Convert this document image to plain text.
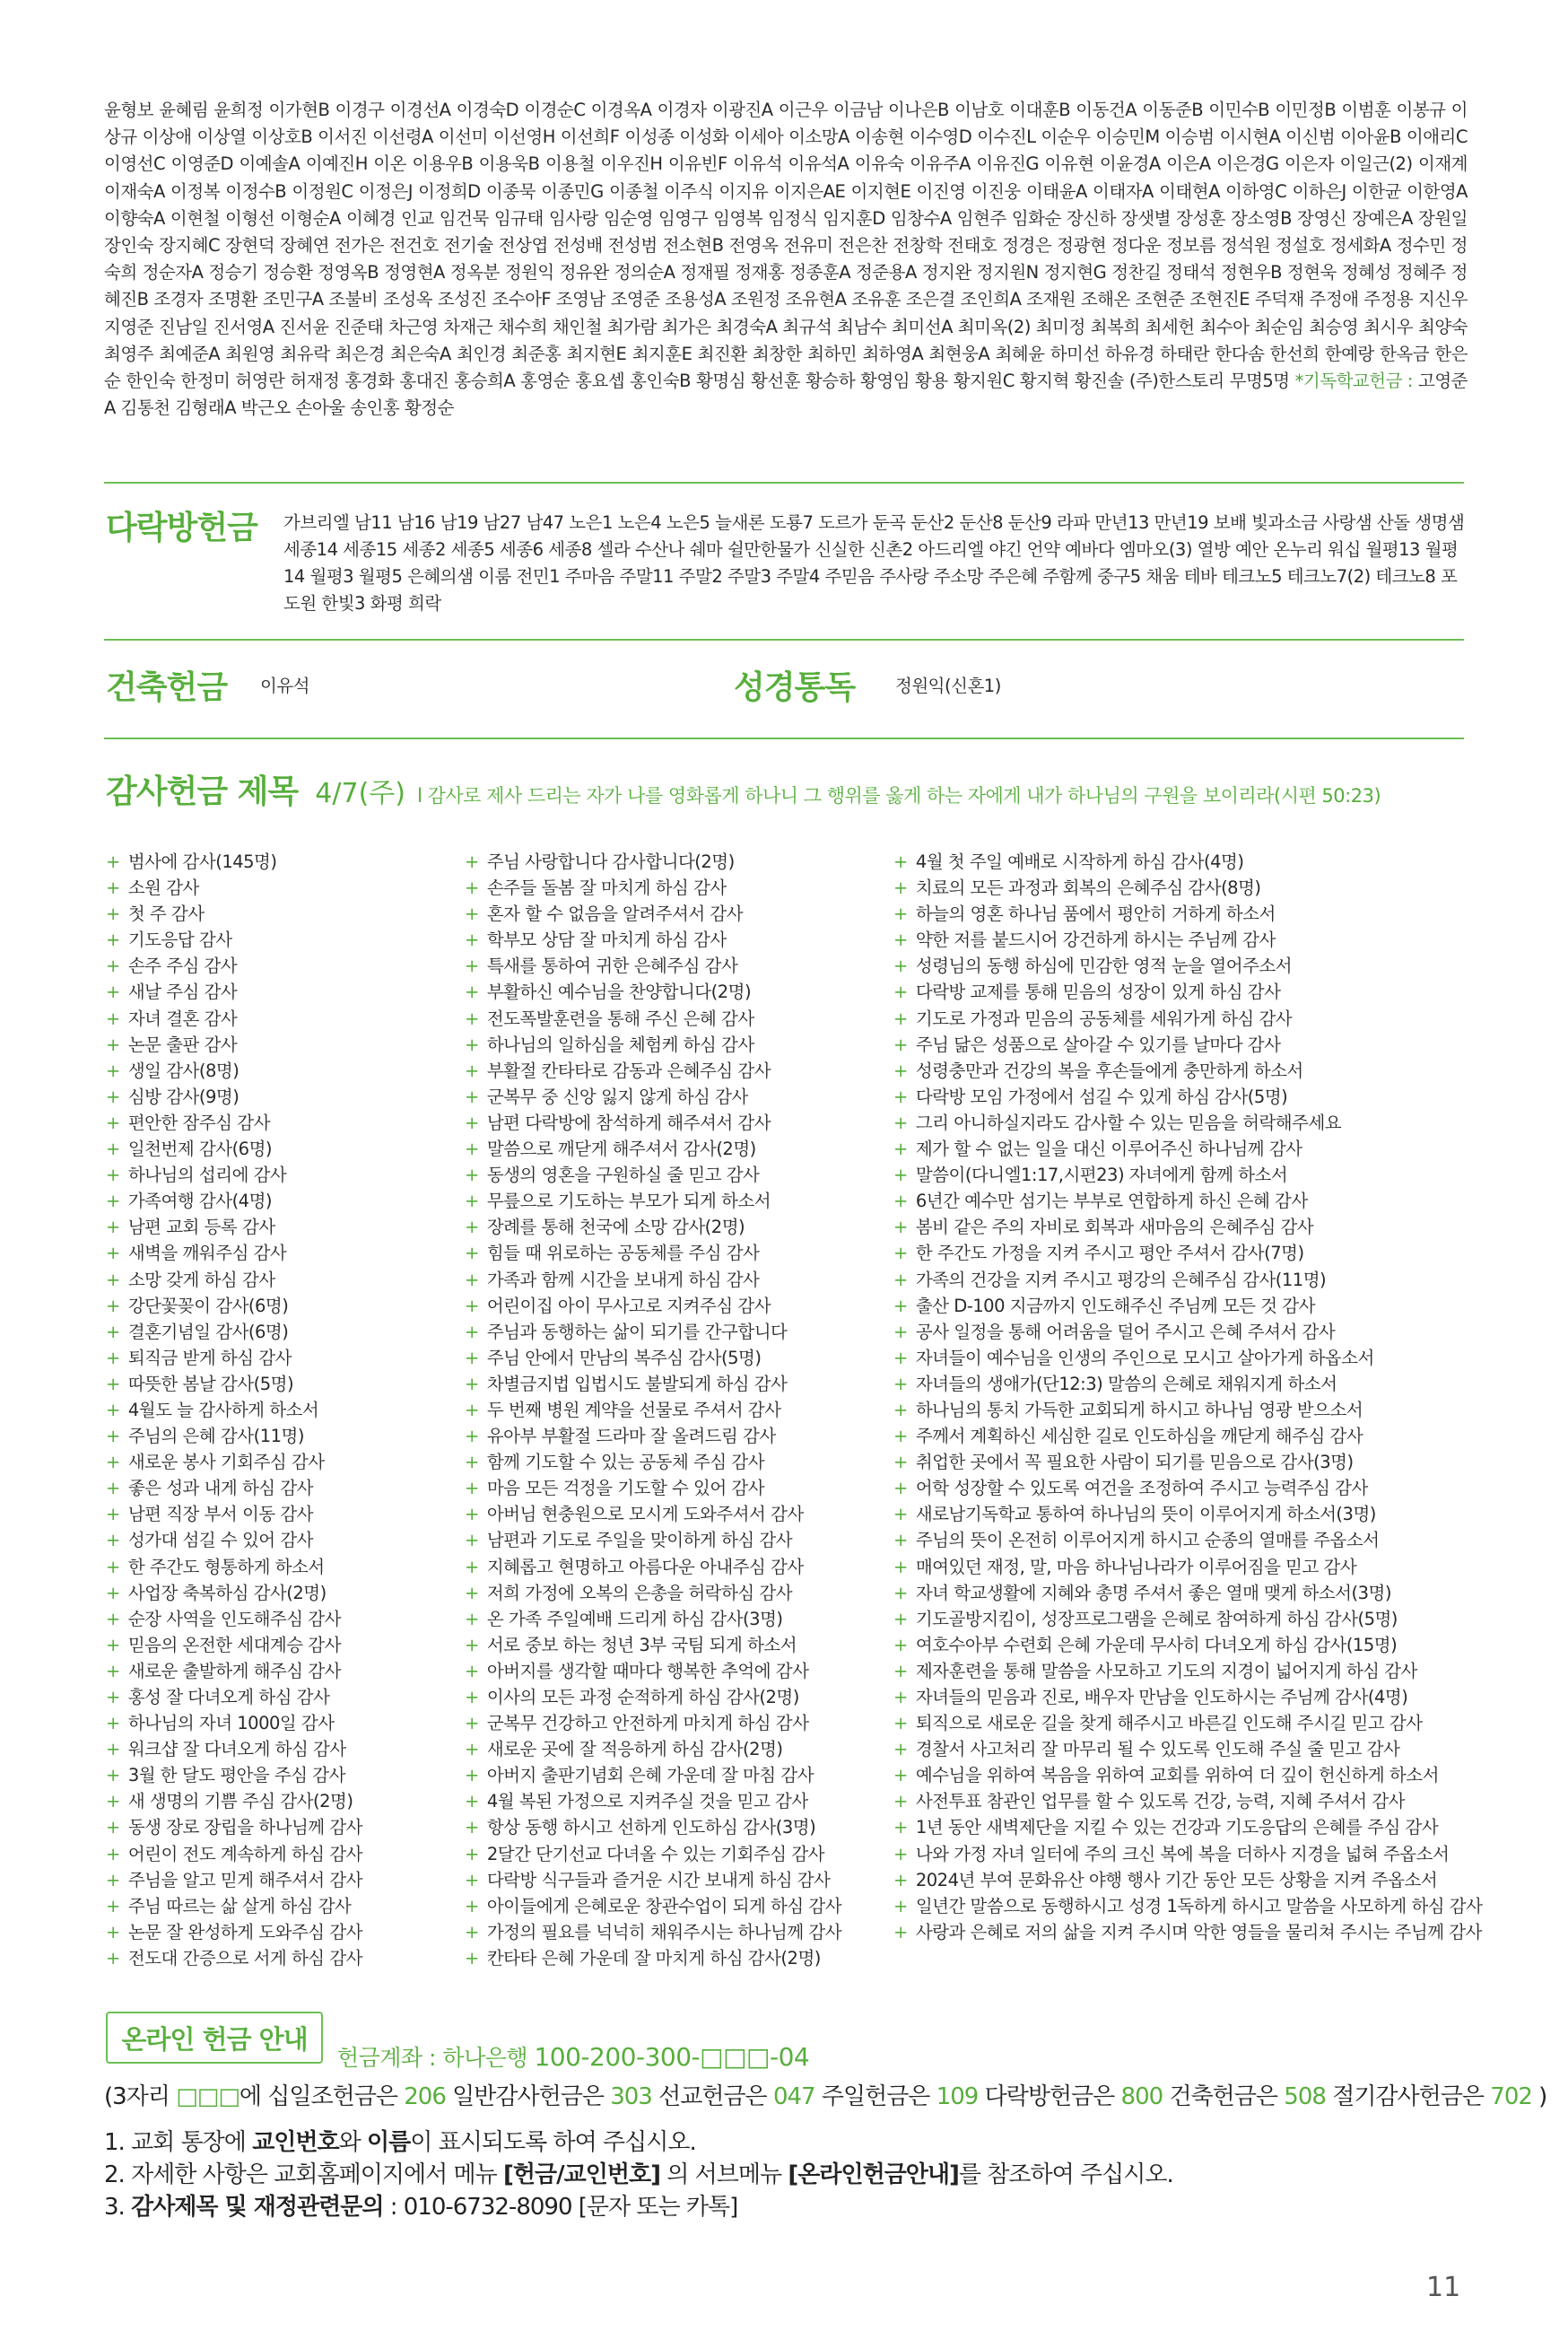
윤형보 윤혜림 윤희정 이가현B 이경구 이경선A 이경숙D 이경순C 이경옥A 이경자 이광진A 이근우 이금남 이나은B 이남호 이대훈B 이동건A 이동준B 이민수B 이민정B 이범훈 이봉규 이상규 이상애 이상열 이상호B 이서진 이선령A 이선미 이선영H 이선희F 이성종 이성화 이세아 이소망A 이송현 이수영D 이수진L 이순우 이승민M 이승범 이시현A 이신범 이아윤B 이애리C 이영선C 이영준D 이예솔A 이예진H 이온 이용우B 이용욱B 이용철 이우진H 이유빈F 이유석 이유석A 이유숙 이유주A 이유진G 이유현 이윤경A 이은A 이은경G 이은자 이일근(2) 이재계 이재숙A 이정복 이정수B 이정원C 이정은J 이정희D 이종묵 이종민G 이종철 이주식 이지유 이지은AE 이지현E 이진영 이진웅 이태윤A 이태자A 이태현A 이하영C 이하은J 이한균 이한영A 이향숙A 이현철 이형선 이형순A 이혜경 인교 임건묵 임규태 임사랑 임순영 임영구 임영복 임정식 임지훈D 임창수A 임현주 임화순 장신하 장샛별 장성훈 장소영B 장영신 장예은A 장원일 장인숙 장지혜C 장현덕 장혜연 전가은 전건호 전기술 전상엽 전성배 전성범 전소현B 전영옥 전유미 전은찬 전창학 전태호 정경은 정광현 정다운 정보름 정석원 정설호 정세화A 정수민 정숙희 정순자A 정승기 정승환 정영옥B 정영현A 정옥분 정원익 정유완 정의순A 정재필 정재홍 정종훈A 정준용A 정지완 정지원N 정지현G 정찬길 정태석 정현우B 정현욱 정혜성 정혜주 정혜진B 조경자 조명환 조민구A 조불비 조성옥 조성진 조수아F 조영남 조영준 조용성A 조원정 조유현A 조유훈 조은결 조인희A 조재원 조해온 조현준 조현진E 주덕재 주정애 주정용 지신우 지영준 진남일 진서영A 진서윤 진준태 차근영 차재근 채수희 채인철 최가람 최가은 최경숙A 최규석 최남수 최미선A 최미옥(2) 최미정 최복희 최세헌 최수아 최순임 최승영 최시우 최양숙 최영주 최예준A 최원영 최유락 최은경 최은숙A 최인경 최준홍 최지현E 최지훈E 최진환 최창한 최하민 최하영A 최현웅A 최혜윤 하미선 하유경 하태란 한다솜 한선희 한예랑 한옥금 한은순 한인숙 한정미 허영란 허재정 홍경화 홍대진 홍승희A 홍영순 홍요셉 홍인숙B 황명심 황선훈 황승하 황영임 황용 황지원C 황지혁 황진솔 (주)한스토리 무명5명 *기독학교헌금 : 고영준A 김통천 김형래A 박근오 손아울 송인홍 황정순
다락방헌금 가브리엘 남11 남16 남19 남27 남47 노은1 노은4 노은5 늘새론 도룡7 도르가 둔곡 둔산2 둔산8 둔산9 라파 만년13 만년19 보배 빛과소금 사랑샘 산돌 생명샘 세종14 세종15 세종2 세종5 세종6 세종8 셀라 수산나 쉐마 쉴만한물가 신실한 신촌2 아드리엘 야긴 언약 예바다 엠마오(3) 열방 예안 온누리 워십 월평13 월평14 월평3 월평5 은혜의샘 이룸 전민1 주마음 주말11 주말2 주말3 주말4 주믿음 주사랑 주소망 주은혜 주함께 중구5 채움 테바 테크노5 테크노7(2) 테크노8 포도원 한빛3 화평 희락
건축헌금 이유석	성경통독 정원익(신혼1)
감사헌금 제목 4/7(주) l 감사로 제사 드리는 자가 나를 영화롭게 하나니 그 행위를 옳게 하는 자에게 내가 하나님의 구원을 보이리라(시편 50:23)
+ 범사에 감사(145명)
+ 소원 감사
+ 첫 주 감사
+ 기도응답 감사
+ 손주 주심 감사
+ 새날 주심 감사
+ 자녀 결혼 감사
+ 논문 출판 감사
+ 생일 감사(8명)
+ 심방 감사(9명)
+ 편안한 잠주심 감사
+ 일천번제 감사(6명)
+ 하나님의 섭리에 감사
+ 가족여행 감사(4명)
+ 남편 교회 등록 감사
+ 새벽을 깨워주심 감사
+ 소망 갖게 하심 감사
+ 강단꽃꽂이 감사(6명)
+ 결혼기념일 감사(6명)
+ 퇴직금 받게 하심 감사
+ 따뜻한 봄날 감사(5명)
+ 4월도 늘 감사하게 하소서
+ 주님의 은혜 감사(11명)
+ 새로운 봉사 기회주심 감사
+ 좋은 성과 내게 하심 감사
+ 남편 직장 부서 이동 감사
+ 성가대 섬길 수 있어 감사
+ 한 주간도 형통하게 하소서
+ 사업장 축복하심 감사(2명)
+ 순장 사역을 인도해주심 감사
+ 믿음의 온전한 세대계승 감사
+ 새로운 출발하게 해주심 감사
+ 홍성 잘 다녀오게 하심 감사
+ 하나님의 자녀 1000일 감사
+ 워크샵 잘 다녀오게 하심 감사
+ 3월 한 달도 평안을 주심 감사
+ 새 생명의 기쁨 주심 감사(2명)
+ 동생 장로 장립을 하나님께 감사
+ 어린이 전도 계속하게 하심 감사
+ 주님을 알고 믿게 해주셔서 감사
+ 주님 따르는 삶 살게 하심 감사
+ 논문 잘 완성하게 도와주심 감사
+ 전도대 간증으로 서게 하심 감사
+ 주님 사랑합니다 감사합니다(2명)
+ 손주들 돌봄 잘 마치게 하심 감사
+ 혼자 할 수 없음을 알려주셔서 감사
+ 학부모 상담 잘 마치게 하심 감사
+ 특새를 통하여 귀한 은혜주심 감사
+ 부활하신 예수님을 찬양합니다(2명)
+ 전도폭발훈련을 통해 주신 은혜 감사
+ 하나님의 일하심을 체험케 하심 감사
+ 부활절 칸타타로 감동과 은혜주심 감사
+ 군복무 중 신앙 잃지 않게 하심 감사
+ 남편 다락방에 참석하게 해주셔서 감사
+ 말씀으로 깨닫게 해주셔서 감사(2명)
+ 동생의 영혼을 구원하실 줄 믿고 감사
+ 무릎으로 기도하는 부모가 되게 하소서
+ 장례를 통해 천국에 소망 감사(2명)
+ 힘들 때 위로하는 공동체를 주심 감사
+ 가족과 함께 시간을 보내게 하심 감사
+ 어린이집 아이 무사고로 지켜주심 감사
+ 주님과 동행하는 삶이 되기를 간구합니다
+ 주님 안에서 만남의 복주심 감사(5명)
+ 차별금지법 입법시도 불발되게 하심 감사
+ 두 번째 병원 계약을 선물로 주셔서 감사
+ 유아부 부활절 드라마 잘 올려드림 감사
+ 함께 기도할 수 있는 공동체 주심 감사
+ 마음 모든 걱정을 기도할 수 있어 감사
+ 아버님 현충원으로 모시게 도와주셔서 감사
+ 남편과 기도로 주일을 맞이하게 하심 감사
+ 지혜롭고 현명하고 아름다운 아내주심 감사
+ 저희 가정에 오복의 은총을 허락하심 감사
+ 온 가족 주일예배 드리게 하심 감사(3명)
+ 서로 중보 하는 청년 3부 국팀 되게 하소서
+ 아버지를 생각할 때마다 행복한 추억에 감사
+ 이사의 모든 과정 순적하게 하심 감사(2명)
+ 군복무 건강하고 안전하게 마치게 하심 감사
+ 새로운 곳에 잘 적응하게 하심 감사(2명)
+ 아버지 출판기념회 은혜 가운데 잘 마침 감사
+ 4월 복된 가정으로 지켜주실 것을 믿고 감사
+ 항상 동행 하시고 선하게 인도하심 감사(3명)
+ 2달간 단기선교 다녀올 수 있는 기회주심 감사
+ 다락방 식구들과 즐거운 시간 보내게 하심 감사
+ 아이들에게 은혜로운 창관수업이 되게 하심 감사
+ 가정의 필요를 넉넉히 채워주시는 하나님께 감사
+ 칸타타 은혜 가운데 잘 마치게 하심 감사(2명)
+ 4월 첫 주일 예배로 시작하게 하심 감사(4명)
+ 치료의 모든 과정과 회복의 은혜주심 감사(8명)
+ 하늘의 영혼 하나님 품에서 평안히 거하게 하소서
+ 약한 저를 붙드시어 강건하게 하시는 주님께 감사
+ 성령님의 동행 하심에 민감한 영적 눈을 열어주소서
+ 다락방 교제를 통해 믿음의 성장이 있게 하심 감사
+ 기도로 가정과 믿음의 공동체를 세워가게 하심 감사
+ 주님 닮은 성품으로 살아갈 수 있기를 날마다 감사
+ 성령충만과 건강의 복을 후손들에게 충만하게 하소서
+ 다락방 모임 가정에서 섬길 수 있게 하심 감사(5명)
+ 그리 아니하실지라도 감사할 수 있는 믿음을 허락해주세요
+ 제가 할 수 없는 일을 대신 이루어주신 하나님께 감사
+ 말씀이(다니엘1:17,시편23) 자녀에게 함께 하소서
+ 6년간 예수만 섬기는 부부로 연합하게 하신 은혜 감사
+ 봄비 같은 주의 자비로 회복과 새마음의 은혜주심 감사
+ 한 주간도 가정을 지켜 주시고 평안 주셔서 감사(7명)
+ 가족의 건강을 지켜 주시고 평강의 은혜주심 감사(11명)
+ 출산 D-100 지금까지 인도해주신 주님께 모든 것 감사
+ 공사 일정을 통해 어려움을 덜어 주시고 은혜 주셔서 감사
+ 자녀들이 예수님을 인생의 주인으로 모시고 살아가게 하옵소서
+ 자녀들의 생애가(단12:3) 말씀의 은혜로 채워지게 하소서
+ 하나님의 통치 가득한 교회되게 하시고 하나님 영광 받으소서
+ 주께서 계획하신 세심한 길로 인도하심을 깨닫게 해주심 감사
+ 취업한 곳에서 꼭 필요한 사람이 되기를 믿음으로 감사(3명)
+ 어학 성장할 수 있도록 여건을 조정하여 주시고 능력주심 감사
+ 새로남기독학교 통하여 하나님의 뜻이 이루어지게 하소서(3명)
+ 주님의 뜻이 온전히 이루어지게 하시고 순종의 열매를 주옵소서
+ 매여있던 재정, 말, 마음 하나님나라가 이루어짐을 믿고 감사
+ 자녀 학교생활에 지혜와 총명 주셔서 좋은 열매 맺게 하소서(3명)
+ 기도골방지킴이, 성장프로그램을 은혜로 참여하게 하심 감사(5명)
+ 여호수아부 수련회 은혜 가운데 무사히 다녀오게 하심 감사(15명)
+ 제자훈련을 통해 말씀을 사모하고 기도의 지경이 넓어지게 하심 감사
+ 자녀들의 믿음과 진로, 배우자 만남을 인도하시는 주님께 감사(4명)
+ 퇴직으로 새로운 길을 찾게 해주시고 바른길 인도해 주시길 믿고 감사
+ 경찰서 사고처리 잘 마무리 될 수 있도록 인도해 주실 줄 믿고 감사
+ 예수님을 위하여 복음을 위하여 교회를 위하여 더 깊이 헌신하게 하소서
+ 사전투표 참관인 업무를 할 수 있도록 건강, 능력, 지혜 주셔서 감사
+ 1년 동안 새벽제단을 지킬 수 있는 건강과 기도응답의 은혜를 주심 감사
+ 나와 가정 자녀 일터에 주의 크신 복에 복을 더하사 지경을 넓혀 주옵소서
+ 2024년 부여 문화유산 야행 행사 기간 동안 모든 상황을 지켜 주옵소서
+ 일년간 말씀으로 동행하시고 성경 1독하게 하시고 말씀을 사모하게 하심 감사
+ 사랑과 은혜로 저의 삶을 지켜 주시며 악한 영들을 물리쳐 주시는 주님께 감사
온라인 헌금 안내
헌금계좌 : 하나은행 100-200-300-□□□-04
(3자리 □□□에 십일조헌금은 206 일반감사헌금은 303 선교헌금은 047 주일헌금은 109 다락방헌금은 800 건축헌금은 508 절기감사헌금은 702 )
1. 교회 통장에 교인번호와 이름이 표시되도록 하여 주십시오.
2. 자세한 사항은 교회홈페이지에서 메뉴 [헌금/교인번호] 의 서브메뉴 [온라인헌금안내]를 참조하여 주십시오.
3. 감사제목 및 재정관련문의 : 010-6732-8090 [문자 또는 카톡]
11
